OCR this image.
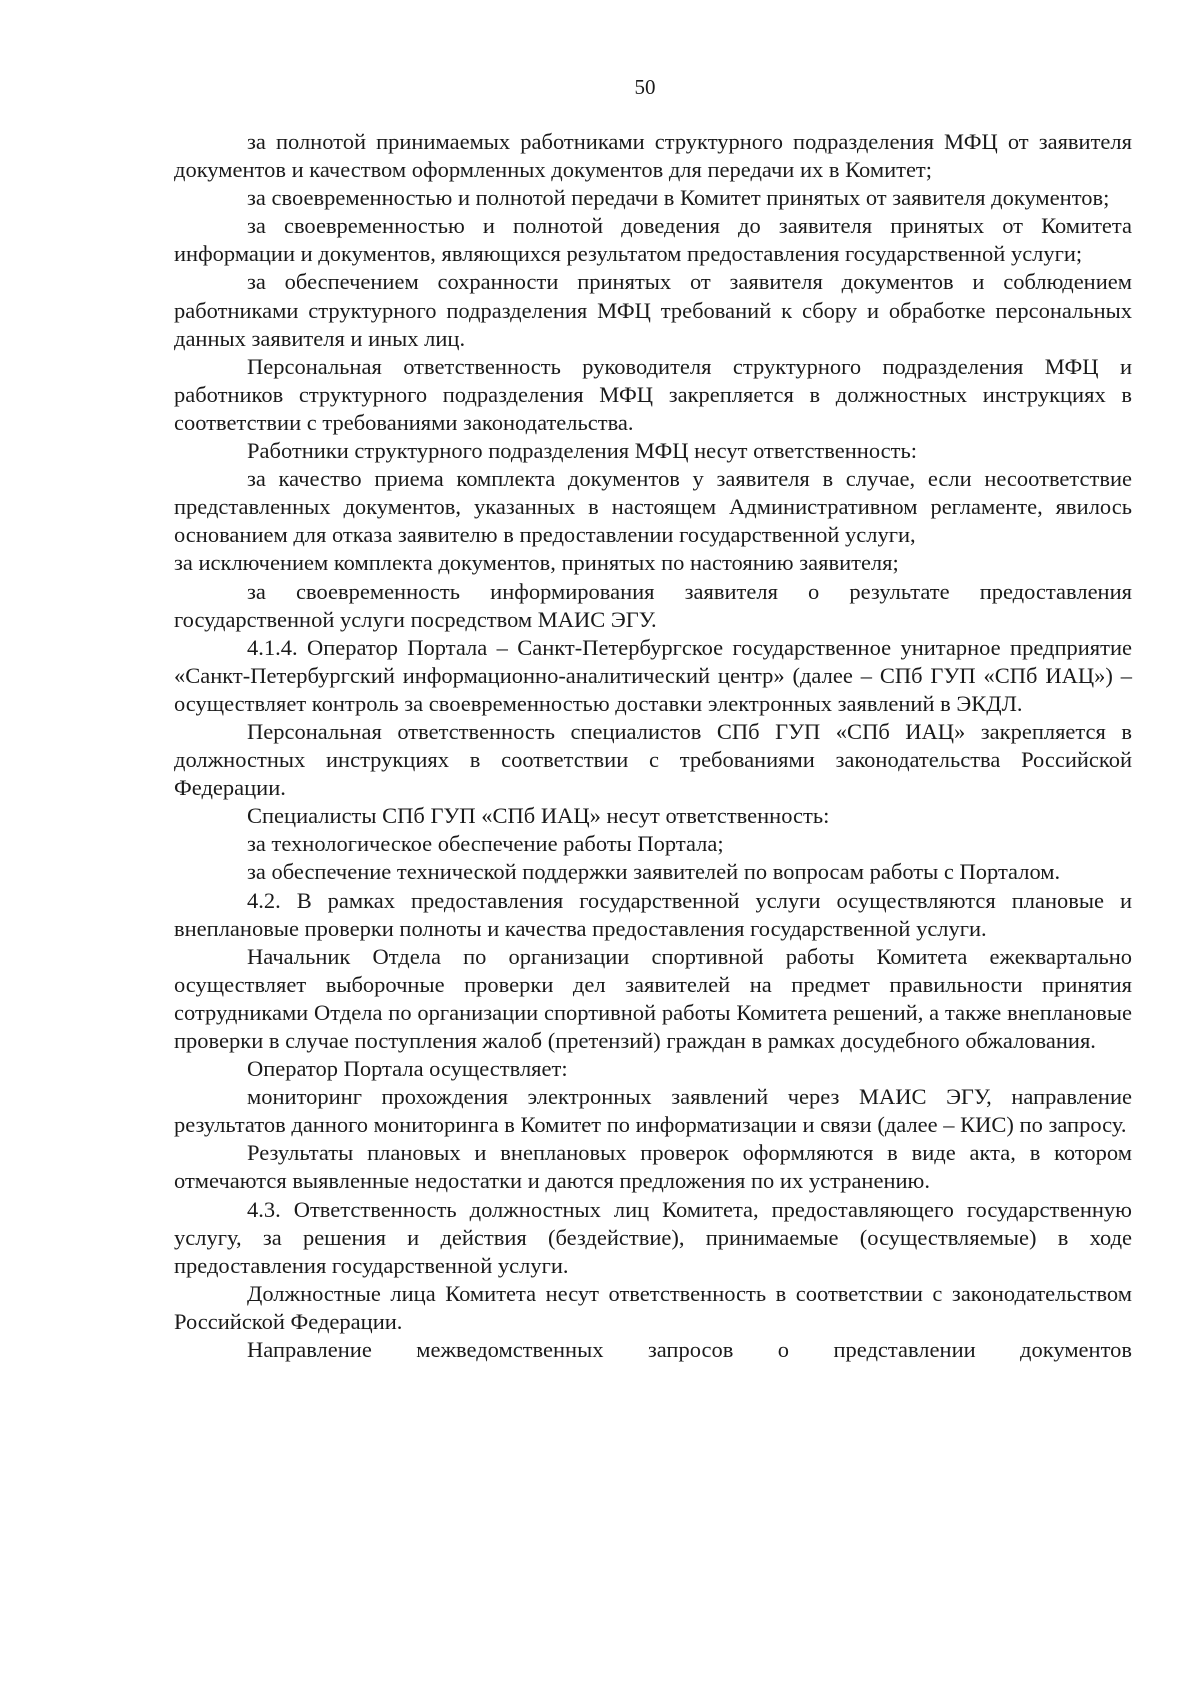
50

за полнотой принимаемых работниками структурного подразделения МФЦ от заявителя документов и качеством оформленных документов для передачи их в Комитет;

за своевременностью и полнотой передачи в Комитет принятых от заявителя документов;

за своевременностью и полнотой доведения до заявителя принятых от Комитета информации и документов, являющихся результатом предоставления государственной услуги;

за обеспечением сохранности принятых от заявителя документов и соблюдением работниками структурного подразделения МФЦ требований к сбору и обработке персональных данных заявителя и иных лиц.

Персональная ответственность руководителя структурного подразделения МФЦ и работников структурного подразделения МФЦ закрепляется в должностных инструкциях в соответствии с требованиями законодательства.

Работники структурного подразделения МФЦ несут ответственность:

за качество приема комплекта документов у заявителя в случае, если несоответствие представленных документов, указанных в настоящем Административном регламенте, явилось основанием для отказа заявителю в предоставлении государственной услуги,

за исключением комплекта документов, принятых по настоянию заявителя;

за своевременность информирования заявителя о результате предоставления государственной услуги посредством МАИС ЭГУ.

4.1.4. Оператор Портала – Санкт-Петербургское государственное унитарное предприятие «Санкт-Петербургский информационно-аналитический центр» (далее – СПб ГУП «СПб ИАЦ») – осуществляет контроль за своевременностью доставки электронных заявлений в ЭКДЛ.

Персональная ответственность специалистов СПб ГУП «СПб ИАЦ» закрепляется в должностных инструкциях в соответствии с требованиями законодательства Российской Федерации.

Специалисты СПб ГУП «СПб ИАЦ» несут ответственность:

за технологическое обеспечение работы Портала;

за обеспечение технической поддержки заявителей по вопросам работы с Порталом.

4.2. В рамках предоставления государственной услуги осуществляются плановые и внеплановые проверки полноты и качества предоставления государственной услуги.

Начальник Отдела по организации спортивной работы Комитета ежеквартально осуществляет выборочные проверки дел заявителей на предмет правильности принятия сотрудниками Отдела по организации спортивной работы Комитета решений, а также внеплановые проверки в случае поступления жалоб (претензий) граждан в рамках досудебного обжалования.

Оператор Портала осуществляет:

мониторинг прохождения электронных заявлений через МАИС ЭГУ, направление результатов данного мониторинга в Комитет по информатизации и связи (далее – КИС) по запросу.

Результаты плановых и внеплановых проверок оформляются в виде акта, в котором отмечаются выявленные недостатки и даются предложения по их устранению.

4.3. Ответственность должностных лиц Комитета, предоставляющего государственную услугу, за решения и действия (бездействие), принимаемые (осуществляемые) в ходе предоставления государственной услуги.

Должностные лица Комитета несут ответственность в соответствии с законодательством Российской Федерации.

Направление межведомственных запросов о представлении документов
